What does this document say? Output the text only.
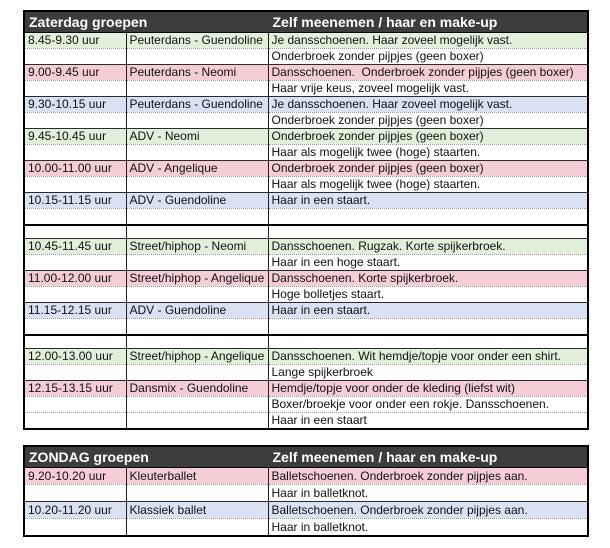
Zaterdag groepen		Zelf meenemen / haar en make-up
8.45-9.30 uur	Peuterdans - Guendoline	Je dansschoenen. Haar zoveel mogelijk vast.
		Onderbroek zonder pijpjes (geen boxer)
9.00-9.45 uur	Peuterdans - Neomi	Dansschoenen.  Onderbroek zonder pijpjes (geen boxer)
		Haar vrije keus, zoveel mogelijk vast.
9.30-10.15 uur	Peuterdans - Guendoline	Je dansschoenen. Haar zoveel mogelijk vast.
		Onderbroek zonder pijpjes (geen boxer)
9.45-10.45 uur	ADV - Neomi	Onderbroek zonder pijpjes (geen boxer)
		Haar als mogelijk twee (hoge) staarten.
10.00-11.00 uur	ADV - Angelique	Onderbroek zonder pijpjes (geen boxer)
		Haar als mogelijk twee (hoge) staarten.
10.15-11.15 uur	ADV - Guendoline	Haar in een staart.

10.45-11.45 uur	Street/hiphop - Neomi	Dansschoenen. Rugzak. Korte spijkerbroek.
		Haar in een hoge staart.
11.00-12.00 uur	Street/hiphop - Angelique	Dansschoenen. Korte spijkerbroek.
		Hoge bolletjes staart.
11.15-12.15 uur	ADV - Guendoline	Haar in een staart.

12.00-13.00 uur	Street/hiphop - Angelique	Dansschoenen. Wit hemdje/topje voor onder een shirt.
		Lange spijkerbroek
12.15-13.15 uur	Dansmix - Guendoline	Hemdje/topje voor onder de kleding (liefst wit)
		Boxer/broekje voor onder een rokje. Dansschoenen.
		Haar in een staart
ZONDAG groepen		Zelf meenemen / haar en make-up
9.20-10.20 uur	Kleuterballet	Balletschoenen. Onderbroek zonder pijpjes aan.
		Haar in balletknot.
10.20-11.20 uur	Klassiek ballet	Balletschoenen. Onderbroek zonder pijpjes aan.
		Haar in balletknot.
